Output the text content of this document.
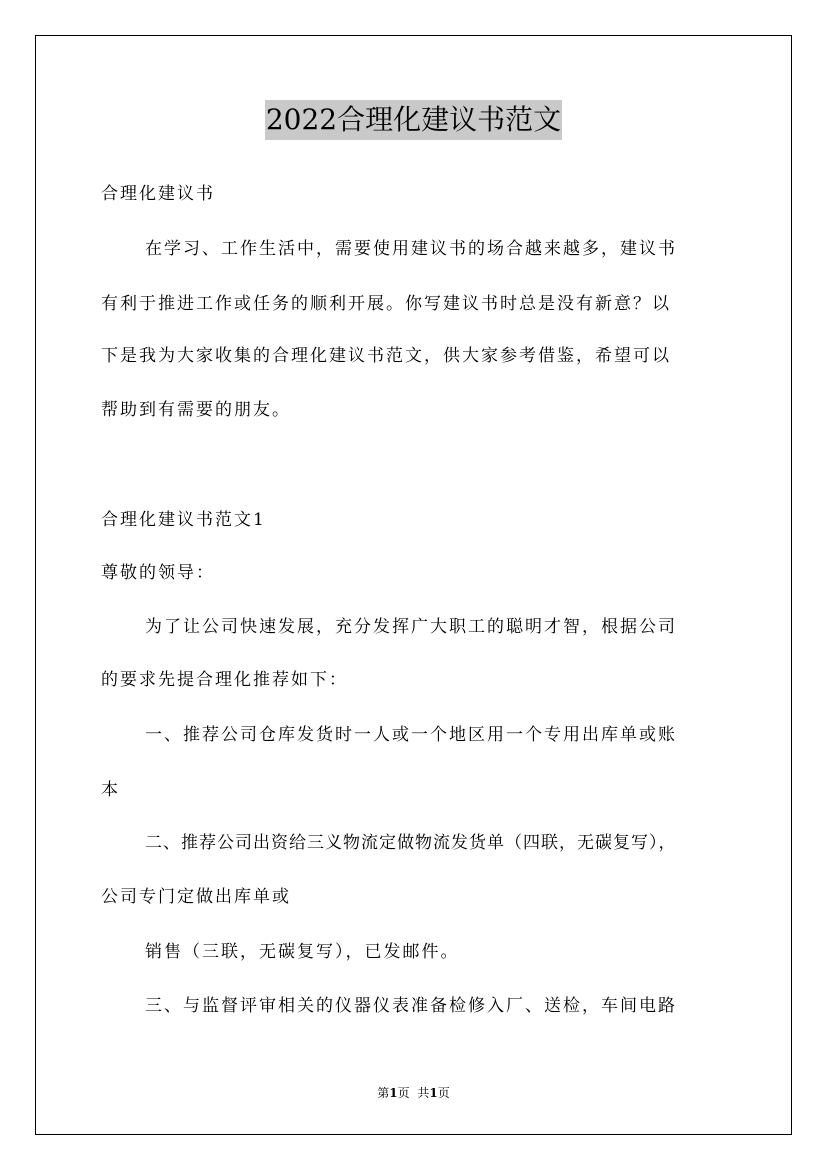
2022合理化建议书范文
合理化建议书
在学习、工作生活中，需要使用建议书的场合越来越多，建议书
有利于推进工作或任务的顺利开展。你写建议书时总是没有新意？以
下是我为大家收集的合理化建议书范文，供大家参考借鉴，希望可以
帮助到有需要的朋友。
合理化建议书范文1
尊敬的领导：
为了让公司快速发展，充分发挥广大职工的聪明才智，根据公司
的要求先提合理化推荐如下：
一、推荐公司仓库发货时一人或一个地区用一个专用出库单或账
本
二、推荐公司出资给三义物流定做物流发货单（四联，无碳复写），
公司专门定做出库单或
销售（三联，无碳复写），已发邮件。
三、与监督评审相关的仪器仪表准备检修入厂、送检，车间电路
第1页 共1页
